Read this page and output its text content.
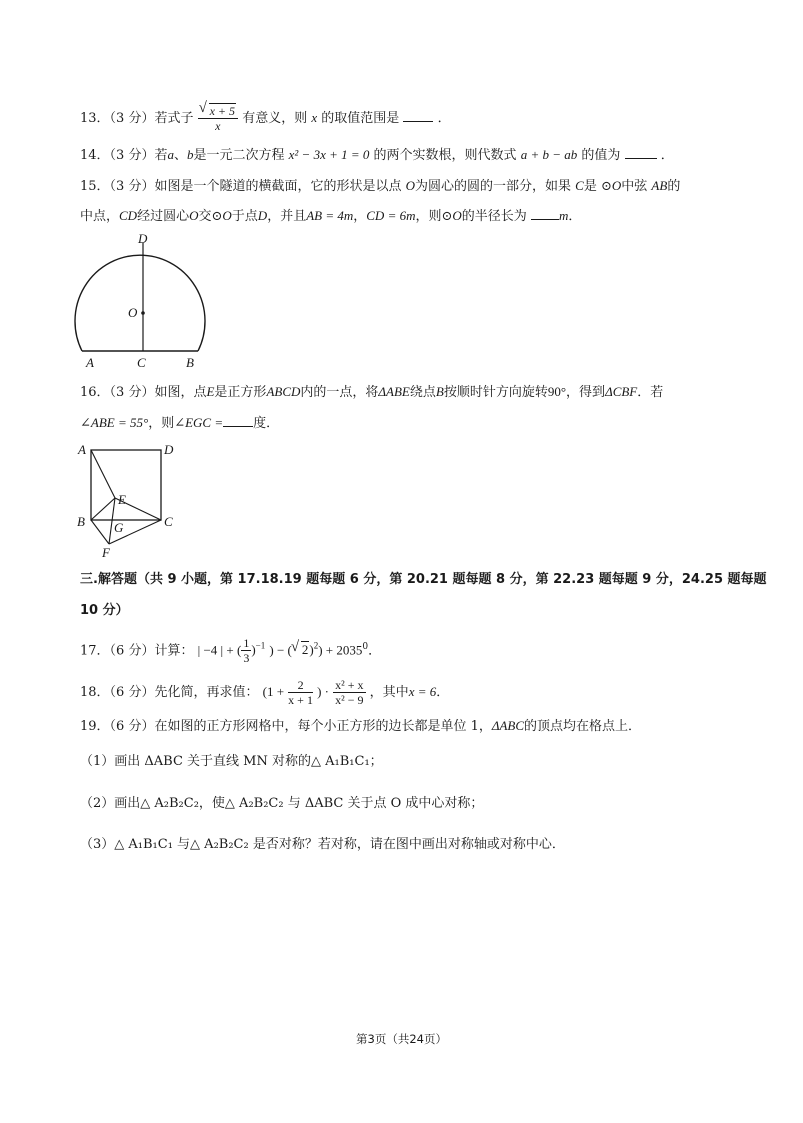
13．（3 分）若式子 $\frac{√ x + 5}{x}$ 有意义，则 x 的取值范围是	．
14．（3 分）若a、b是一元二次方程 x² − 3x + 1 = 0 的两个实数根，则代数式 a + b − ab 的值为	．
15．（3 分）如图是一个隧道的横截面，它的形状是以点 O为圆心的圆的一部分，如果 C是 ⊙O中弦 AB的
中点，CD经过圆心O交⊙O于点D，并且AB = 4m，CD = 6m，则⊙O的半径长为 m．
D
O
A	C	B
16．（3 分）如图，点E是正方形ABCD内的一点，将ΔABE绕点B按顺时针方向旋转90°，得到ΔCBF．若
∠ABE = 55°，则∠EGC = 度．
A	D
E
B G	C
F
三.解答题（共 9 小题，第 17.18.19 题每题 6 分，第 20.21 题每题 8 分，第 22.23 题每题 9 分，24.25 题每题
10 分）
17．（6 分）计算： | −4 | + ( $\frac{1}{3} )^{-1}$ ) − ( √ $2)^2) + 2035^0$．
18．（6 分）先化简，再求值： ($1 + \frac{2}{x + 1}$ ) · $\frac{\text{x² + x}}{\text{x² − 9}}$ ，其中x = 6．
19．（6 分）在如图的正方形网格中，每个小正方形的边长都是单位 1，ΔABC的顶点均在格点上．
（1）画出 ΔABC 关于直线 MN 对称的△ A₁B₁C₁；
（2）画出△ A₂B₂C₂，使△ A₂B₂C₂ 与 ΔABC 关于点 O 成中心对称；
（3）△ A₁B₁C₁ 与△ A₂B₂C₂ 是否对称？若对称，请在图中画出对称轴或对称中心．
第3页（共24页）
